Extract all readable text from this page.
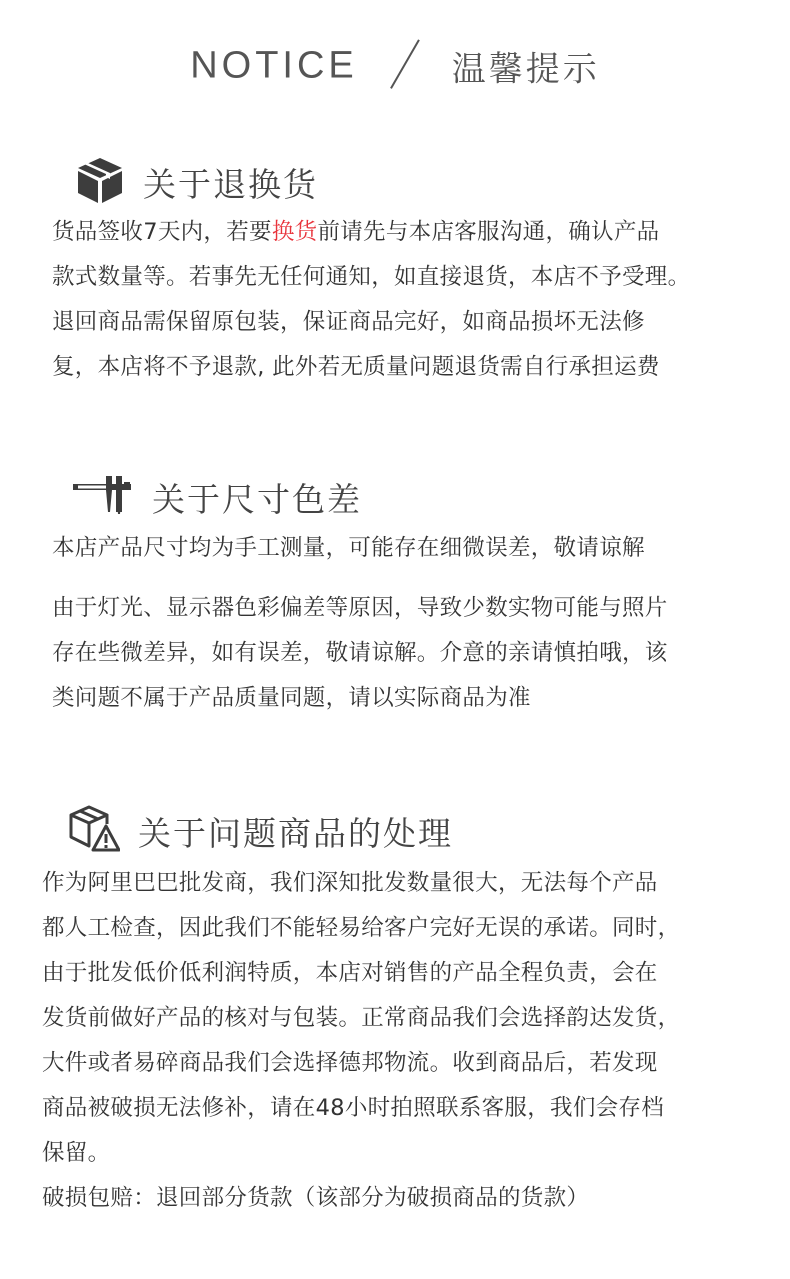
NOTICE	温馨提示
关于退换货

货品签收7天内，若要换货前请先与本店客服沟通，确认产品

款式数量等。若事先无任何通知，如直接退货，本店不予受理。

退回商品需保留原包装，保证商品完好，如商品损坏无法修

复，本店将不予退款, 此外若无质量问题退货需自行承担运费

关于尺寸色差

本店产品尺寸均为手工测量，可能存在细微误差，敬请谅解

由于灯光、显示器色彩偏差等原因，导致少数实物可能与照片

存在些微差异，如有误差，敬请谅解。介意的亲请慎拍哦，该

类问题不属于产品质量同题，请以实际商品为准

关于问题商品的处理

作为阿里巴巴批发商，我们深知批发数量很大，无法每个产品

都人工检查，因此我们不能轻易给客户完好无误的承诺。同时，

由于批发低价低利润特质，本店对销售的产品全程负责，会在

发货前做好产品的核对与包装。正常商品我们会选择韵达发货，

大件或者易碎商品我们会选择德邦物流。收到商品后，若发现

商品被破损无法修补，请在48小时拍照联系客服，我们会存档

保留。

破损包赔：退回部分货款（该部分为破损商品的货款）
